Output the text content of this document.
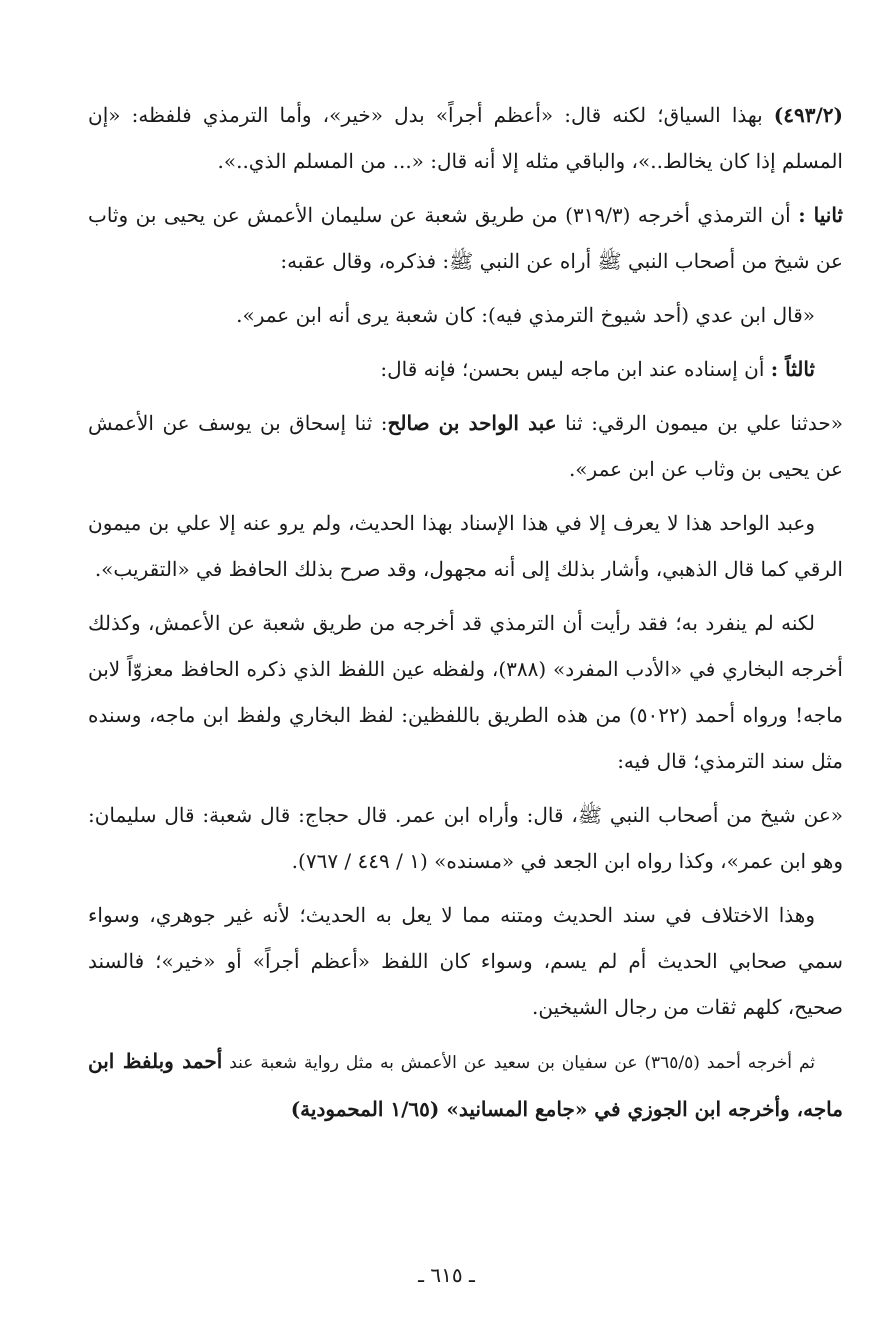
(٤٩٣/٢) بهذا السياق؛ لكنه قال: «أعظم أجراً» بدل «خير»، وأما الترمذي فلفظه: «إن المسلم إذا كان يخالط..»، والباقي مثله إلا أنه قال: «... من المسلم الذي..».

ثانيا : أن الترمذي أخرجه (٣١٩/٣) من طريق شعبة عن سليمان الأعمش عن يحيى بن وثاب عن شيخ من أصحاب النبي ﷺ أراه عن النبي ﷺ: فذكره، وقال عقبه:

«قال ابن عدي (أحد شيوخ الترمذي فيه): كان شعبة يرى أنه ابن عمر».

ثالثاً : أن إسناده عند ابن ماجه ليس بحسن؛ فإنه قال:

«حدثنا علي بن ميمون الرقي: ثنا عبد الواحد بن صالح: ثنا إسحاق بن يوسف عن الأعمش عن يحيى بن وثاب عن ابن عمر».

وعبد الواحد هذا لا يعرف إلا في هذا الإسناد بهذا الحديث، ولم يرو عنه إلا علي بن ميمون الرقي كما قال الذهبي، وأشار بذلك إلى أنه مجهول، وقد صرح بذلك الحافظ في «التقريب».

لكنه لم ينفرد به؛ فقد رأيت أن الترمذي قد أخرجه من طريق شعبة عن الأعمش، وكذلك أخرجه البخاري في «الأدب المفرد» (٣٨٨)، ولفظه عين اللفظ الذي ذكره الحافظ معزوّاً لابن ماجه! ورواه أحمد (٥٠٢٢) من هذه الطريق باللفظين: لفظ البخاري ولفظ ابن ماجه، وسنده مثل سند الترمذي؛ قال فيه:

«عن شيخ من أصحاب النبي ﷺ، قال: وأراه ابن عمر. قال حجاج: قال شعبة: قال سليمان: وهو ابن عمر»، وكذا رواه ابن الجعد في «مسنده» (١ / ٤٤٩ / ٧٦٧).

وهذا الاختلاف في سند الحديث ومتنه مما لا يعل به الحديث؛ لأنه غير جوهري، وسواء سمي صحابي الحديث أم لم يسم، وسواء كان اللفظ «أعظم أجراً» أو «خير»؛ فالسند صحيح، كلهم ثقات من رجال الشيخين.

ثم أخرجه أحمد (٣٦٥/٥) عن سفيان بن سعيد عن الأعمش به مثل رواية شعبة عند أحمد وبلفظ ابن ماجه، وأخرجه ابن الجوزي في «جامع المسانيد» (١/٦٥ المحمودية)

ـ ٦١٥ ـ
